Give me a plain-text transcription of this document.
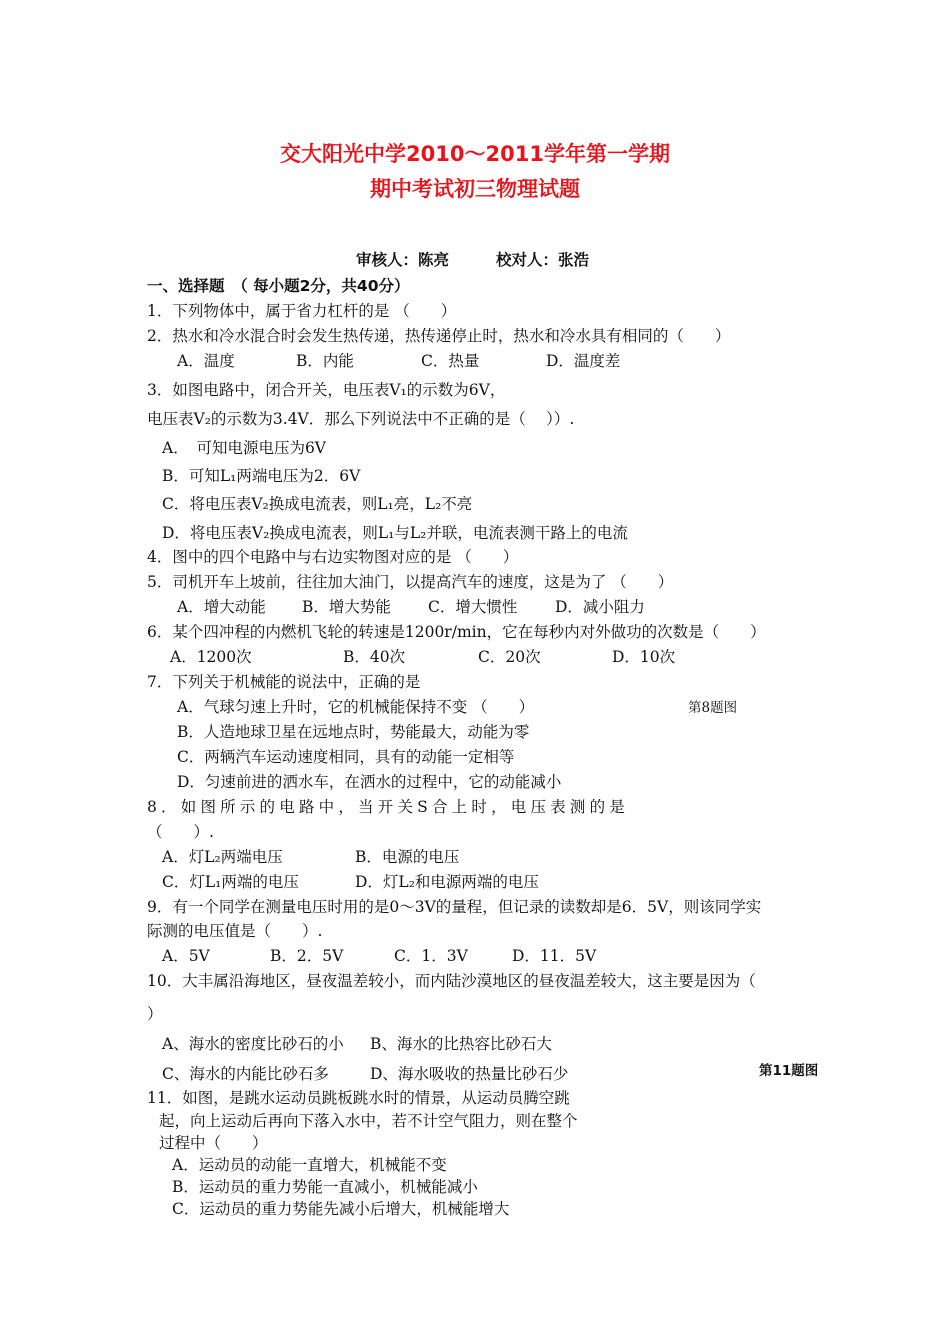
交大阳光中学2010～2011学年第一学期
期中考试初三物理试题
审核人：陈亮	校对人：张浩
一、选择题　（ 每小题2分，共40分）
1．下列物体中，属于省力杠杆的是 （　　）
2．热水和冷水混合时会发生热传递，热传递停止时，热水和冷水具有相同的（　　）
A．温度	B．内能	C．热量	D．温度差
3．如图电路中，闭合开关，电压表V₁的示数为6V，
电压表V₂的示数为3.4V．那么下列说法中不正确的是（　 ））.
A．　可知电源电压为6V
B．可知L₁两端电压为2．6V
C．将电压表V₂换成电流表，则L₁亮，L₂不亮
D．将电压表V₂换成电流表，则L₁与L₂并联，电流表测干路上的电流
4．图中的四个电路中与右边实物图对应的是 （　　）
5．司机开车上坡前，往往加大油门，以提高汽车的速度，这是为了 （　　）
A．增大动能 B．增大势能 C．增大惯性 D．减小阻力
6．某个四冲程的内燃机飞轮的转速是1200r/min，它在每秒内对外做功的次数是（　　）
A．1200次	B．40次	C．20次	D．10次
7．下列关于机械能的说法中，正确的是
A．气球匀速上升时，它的机械能保持不变 （　　）	第8题图
B．人造地球卫星在远地点时，势能最大，动能为零
C．两辆汽车运动速度相同，具有的动能一定相等
D．匀速前进的洒水车，在洒水的过程中，它的动能减小
8．如图所示的电路中，当开关S合上时，电压表测的是
（　　）.
A．灯L₂两端电压	B．电源的电压
C．灯L₁两端的电压	D．灯L₂和电源两端的电压
9．有一个同学在测量电压时用的是0～3V的量程，但记录的读数却是6．5V，则该同学实
际测的电压值是（　　）.
A．5V	B．2．5V	C．1．3V	D．11．5V
10．大丰属沿海地区，昼夜温差较小，而内陆沙漠地区的昼夜温差较大，这主要是因为（
）
A、海水的密度比砂石的小 B、海水的比热容比砂石大
C、海水的内能比砂石多	D、海水吸收的热量比砂石少	第11题图
11．如图，是跳水运动员跳板跳水时的情景，从运动员腾空跳
起，向上运动后再向下落入水中，若不计空气阻力，则在整个
过程中（　　）
A．运动员的动能一直增大，机械能不变
B．运动员的重力势能一直减小，机械能减小
C．运动员的重力势能先减小后增大，机械能增大
